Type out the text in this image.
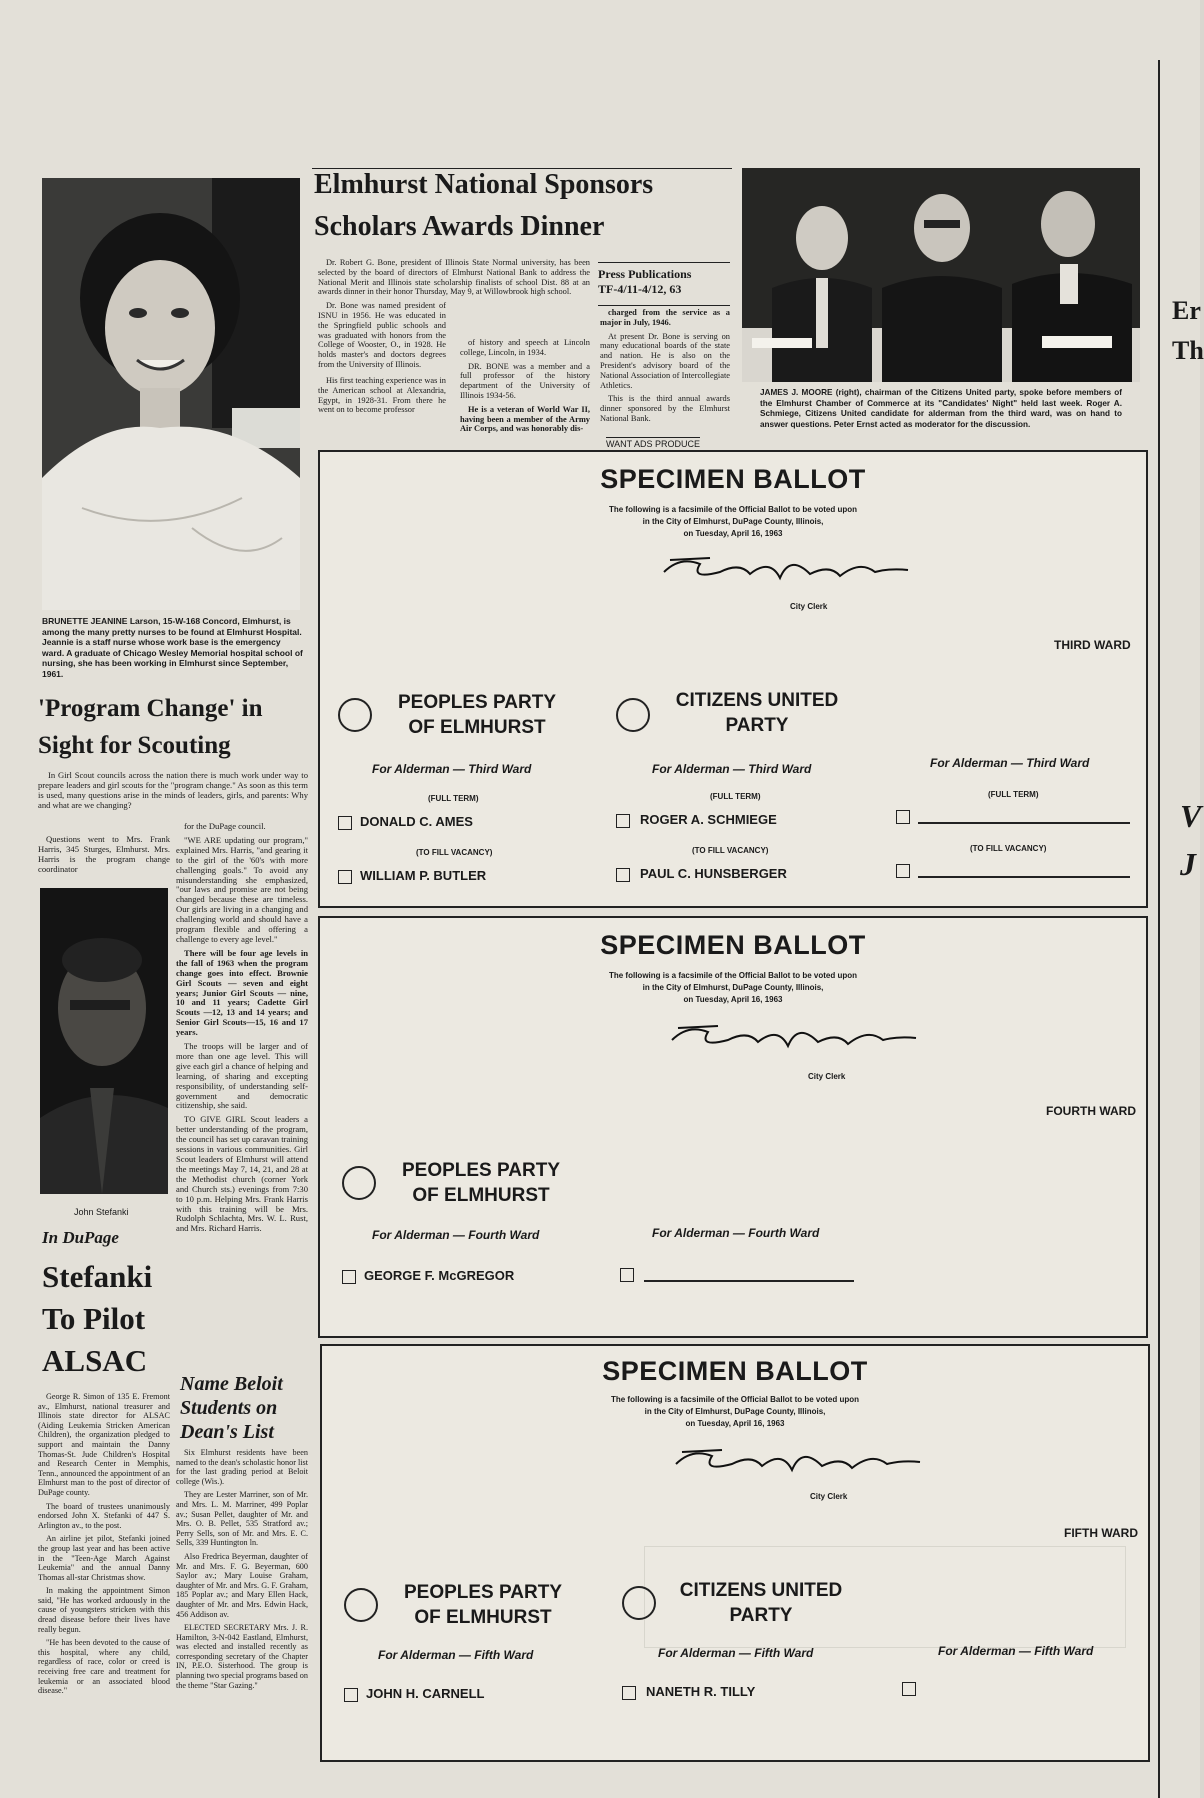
BRUNETTE JEANINE Larson, 15-W-168 Concord, Elmhurst, is among the many pretty nurses to be found at Elmhurst Hospital. Jeannie is a staff nurse whose work base is the emergency ward. A graduate of Chicago Wesley Memorial hospital school of nursing, she has been working in Elmhurst since September, 1961.
'Program Change' in
Sight for Scouting

In Girl Scout councils across the nation there is much work under way to prepare leaders and girl scouts for the "program change." As soon as this term is used, many questions arise in the minds of leaders, girls, and parents: Why and what are we changing?

Questions went to Mrs. Frank Harris, 345 Sturges, Elmhurst. Mrs. Harris is the program change coordinator

John Stefanki
In DuPage
Stefanki
To Pilot
ALSAC

George R. Simon of 135 E. Fremont av., Elmhurst, national treasurer and Illinois state director for ALSAC (Aiding Leukemia Stricken American Children), the organization pledged to support and maintain the Danny Thomas-St. Jude Children's Hospital and Research Center in Memphis, Tenn., announced the appointment of an Elmhurst man to the post of director of DuPage county.

The board of trustees unanimously endorsed John X. Stefanki of 447 S. Arlington av., to the post.

An airline jet pilot, Stefanki joined the group last year and has been active in the "Teen-Age March Against Leukemia" and the annual Danny Thomas all-star Christmas show.

In making the appointment Simon said, "He has worked arduously in the cause of youngsters stricken with this dread disease before their lives have really begun.

"He has been devoted to the cause of this hospital, where any child, regardless of race, color or creed is receiving free care and treatment for leukemia or an associated blood disease."

for the DuPage council.

"WE ARE updating our program," explained Mrs. Harris, "and gearing it to the girl of the '60's with more challenging goals." To avoid any misunderstanding she emphasized, "our laws and promise are not being changed because these are timeless. Our girls are living in a changing and challenging world and should have a program flexible and offering a challenge to every age level."

There will be four age levels in the fall of 1963 when the program change goes into effect. Brownie Girl Scouts — seven and eight years; Junior Girl Scouts — nine, 10 and 11 years; Cadette Girl Scouts —12, 13 and 14 years; and Senior Girl Scouts—15, 16 and 17 years.

The troops will be larger and of more than one age level. This will give each girl a chance of helping and learning, of sharing and excepting responsibility, of understanding self-government and democratic citizenship, she said.

TO GIVE GIRL Scout leaders a better understanding of the program, the council has set up caravan training sessions in various communities. Girl Scout leaders of Elmhurst will attend the meetings May 7, 14, 21, and 28 at the Methodist church (corner York and Church sts.) evenings from 7:30 to 10 p.m. Helping Mrs. Frank Harris with this training will be Mrs. Rudolph Schlachta, Mrs. W. L. Rust, and Mrs. Richard Harris.

Name Beloit
Students on
Dean's List

Six Elmhurst residents have been named to the dean's scholastic honor list for the last grading period at Beloit college (Wis.).

They are Lester Marriner, son of Mr. and Mrs. L. M. Marriner, 499 Poplar av.; Susan Pellet, daughter of Mr. and Mrs. O. B. Pellet, 535 Stratford av.; Perry Sells, son of Mr. and Mrs. E. C. Sells, 339 Huntington ln.

Also Fredrica Beyerman, daughter of Mr. and Mrs. F. G. Beyerman, 600 Saylor av.; Mary Louise Graham, daughter of Mr. and Mrs. G. F. Graham, 185 Poplar av.; and Mary Ellen Hack, daughter of Mr. and Mrs. Edwin Hack, 456 Addison av.

ELECTED SECRETARY Mrs. J. R. Hamilton, 3-N-042 Eastland, Elmhurst, was elected and installed recently as corresponding secretary of the Chapter IN, P.E.O. Sisterhood. The group is planning two special programs based on the theme "Star Gazing."

Elmhurst National Sponsors
Scholars Awards Dinner

Dr. Robert G. Bone, president of Illinois State Normal university, has been selected by the board of directors of Elmhurst National Bank to address the National Merit and Illinois state scholarship finalists of school Dist. 88 at an awards dinner in their honor Thursday, May 9, at Willowbrook high school.

Dr. Bone was named president of ISNU in 1956. He was educated in the Springfield public schools and was graduated with honors from the College of Wooster, O., in 1928. He holds master's and doctors degrees from the University of Illinois.

His first teaching experience was in the American school at Alexandria, Egypt, in 1928-31. From there he went on to become professor

of history and speech at Lincoln college, Lincoln, in 1934.

DR. BONE was a member and a full professor of the history department of the University of Illinois 1934-56.

He is a veteran of World War II, having been a member of the Army Air Corps, and was honorably dis-

Press Publications
TF-4/11-4/12, 63

charged from the service as a major in July, 1946.

At present Dr. Bone is serving on many educational boards of the state and nation. He is also on the President's advisory board of the National Association of Intercollegiate Athletics.

This is the third annual awards dinner sponsored by the Elmhurst National Bank.

WANT ADS PRODUCE
JAMES J. MOORE (right), chairman of the Citizens United party, spoke before members of the Elmhurst Chamber of Commerce at its "Candidates' Night" held last week. Roger A. Schmiege, Citizens United candidate for alderman from the third ward, was on hand to answer questions. Peter Ernst acted as moderator for the discussion.
SPECIMEN BALLOT
The following is a facsimile of the Official Ballot to be voted upon
in the City of Elmhurst, DuPage County, Illinois,
on Tuesday, April 16, 1963
City Clerk
THIRD WARD
PEOPLES PARTY
OF ELMHURST
CITIZENS UNITED
PARTY
For Alderman — Third Ward	For Alderman — Third Ward	For Alderman — Third Ward
(FULL TERM)	(FULL TERM)	(FULL TERM)
DONALD C. AMES	ROGER A. SCHMIEGE
(TO FILL VACANCY)	(TO FILL VACANCY)	(TO FILL VACANCY)
WILLIAM P. BUTLER	PAUL C. HUNSBERGER
SPECIMEN BALLOT
The following is a facsimile of the Official Ballot to be voted upon
in the City of Elmhurst, DuPage County, Illinois,
on Tuesday, April 16, 1963
City Clerk
FOURTH WARD
PEOPLES PARTY
OF ELMHURST
For Alderman — Fourth Ward	For Alderman — Fourth Ward
GEORGE F. McGREGOR
SPECIMEN BALLOT
The following is a facsimile of the Official Ballot to be voted upon
in the City of Elmhurst, DuPage County, Illinois,
on Tuesday, April 16, 1963
City Clerk
FIFTH WARD
PEOPLES PARTY
OF ELMHURST
CITIZENS UNITED
PARTY
For Alderman — Fifth Ward	For Alderman — Fifth Ward	For Alderman — Fifth Ward
JOHN H. CARNELL	NANETH R. TILLY
Er
Th
V
J
